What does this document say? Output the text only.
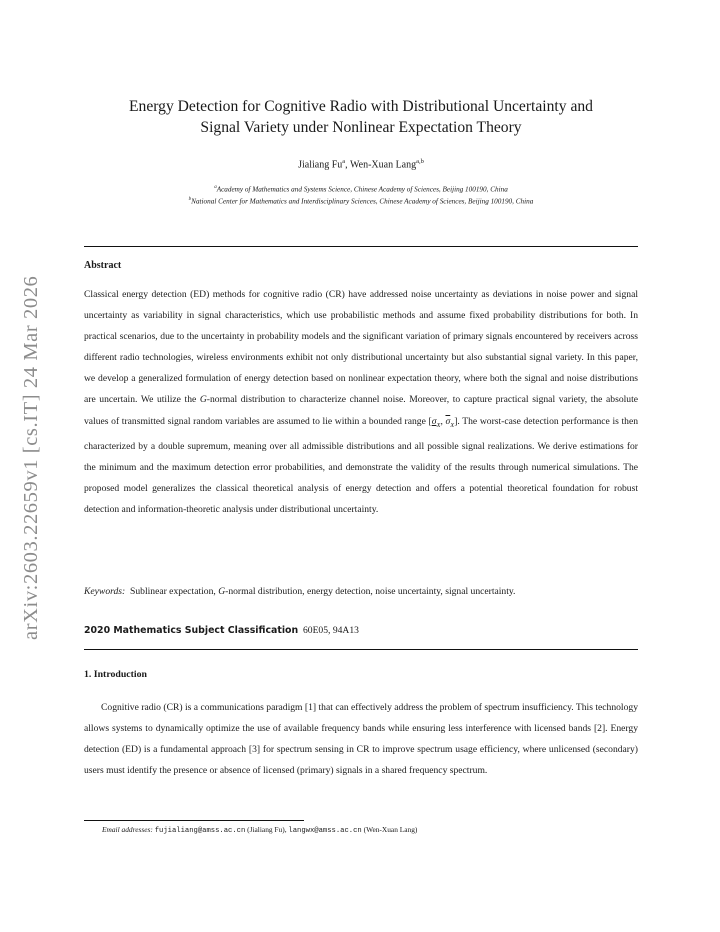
arXiv:2603.22659v1 [cs.IT] 24 Mar 2026
Energy Detection for Cognitive Radio with Distributional Uncertainty and
Signal Variety under Nonlinear Expectation Theory
Jialiang Fu$^a$, Wen-Xuan Lang$^{a,b}$
$^a$Academy of Mathematics and Systems Science, Chinese Academy of Sciences, Beijing 100190, China
$^b$National Center for Mathematics and Interdisciplinary Sciences, Chinese Academy of Sciences, Beijing 100190, China
Abstract
Classical energy detection (ED) methods for cognitive radio (CR) have addressed noise uncertainty as deviations in noise power and signal uncertainty as variability in signal characteristics, which use probabilistic methods and assume fixed probability distributions for both. In practical scenarios, due to the uncertainty in probability models and the significant variation of primary signals encountered by receivers across different radio technologies, wireless environments exhibit not only distributional uncertainty but also substantial signal variety. In this paper, we develop a generalized formulation of energy detection based on nonlinear expectation theory, where both the signal and noise distributions are uncertain. We utilize the G-normal distribution to characterize channel noise. Moreover, to capture practical signal variety, the absolute values of transmitted signal random variables are assumed to lie within a bounded range [$\sigma_X$, $\overline{\sigma}_X$]. The worst-case detection performance is then characterized by a double supremum, meaning over all admissible distributions and all possible signal realizations. We derive estimations for the minimum and the maximum detection error probabilities, and demonstrate the validity of the results through numerical simulations. The proposed model generalizes the classical theoretical analysis of energy detection and offers a potential theoretical foundation for robust detection and information-theoretic analysis under distributional uncertainty.
Keywords: Sublinear expectation, G-normal distribution, energy detection, noise uncertainty, signal uncertainty.
2020 Mathematics Subject Classification 60E05, 94A13
1. Introduction
Cognitive radio (CR) is a communications paradigm [1] that can effectively address the problem of spectrum insufficiency. This technology allows systems to dynamically optimize the use of available frequency bands while ensuring less interference with licensed bands [2]. Energy detection (ED) is a fundamental approach [3] for spectrum sensing in CR to improve spectrum usage efficiency, where unlicensed (secondary) users must identify the presence or absence of licensed (primary) signals in a shared frequency spectrum.
Email addresses: fujialiang@amss.ac.cn (Jialiang Fu), langwx@amss.ac.cn (Wen-Xuan Lang)
